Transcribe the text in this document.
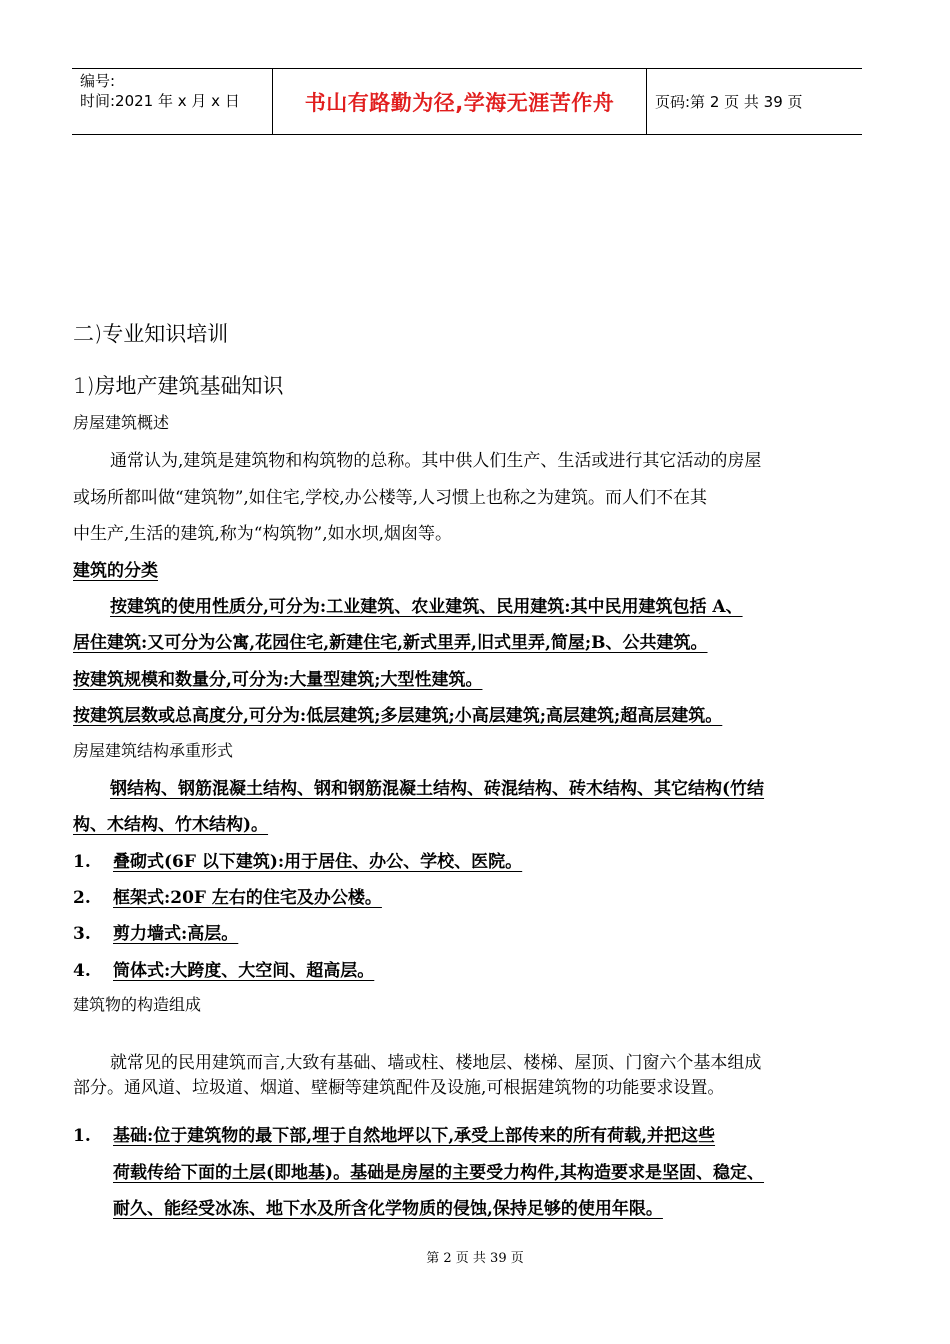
编号:
时间:2021 年 x 月 x 日	书山有路勤为径,学海无涯苦作舟	页码:第 2 页 共 39 页
二)专业知识培训
1)房地产建筑基础知识
房屋建筑概述
通常认为,建筑是建筑物和构筑物的总称。其中供人们生产、生活或进行其它活动的房屋
或场所都叫做“建筑物”,如住宅,学校,办公楼等,人习惯上也称之为建筑。而人们不在其
中生产,生活的建筑,称为“构筑物”,如水坝,烟囱等。
建筑的分类
按建筑的使用性质分,可分为:工业建筑、农业建筑、民用建筑:其中民用建筑包括 A、
居住建筑:又可分为公寓,花园住宅,新建住宅,新式里弄,旧式里弄,简屋;B、公共建筑。
按建筑规模和数量分,可分为:大量型建筑;大型性建筑。
按建筑层数或总高度分,可分为:低层建筑;多层建筑;小高层建筑;高层建筑;超高层建筑。
房屋建筑结构承重形式
钢结构、钢筋混凝土结构、钢和钢筋混凝土结构、砖混结构、砖木结构、其它结构(竹结
构、木结构、竹木结构)。
1. 叠砌式(6F 以下建筑):用于居住、办公、学校、医院。
2. 框架式:20F 左右的住宅及办公楼。
3. 剪力墙式:高层。
4. 筒体式:大跨度、大空间、超高层。
建筑物的构造组成
就常见的民用建筑而言,大致有基础、墙或柱、楼地层、楼梯、屋顶、门窗六个基本组成
部分。通风道、垃圾道、烟道、壁橱等建筑配件及设施,可根据建筑物的功能要求设置。
1. 基础:位于建筑物的最下部,埋于自然地坪以下,承受上部传来的所有荷载,并把这些
荷载传给下面的土层(即地基)。基础是房屋的主要受力构件,其构造要求是坚固、稳定、
耐久、能经受冰冻、地下水及所含化学物质的侵蚀,保持足够的使用年限。
第 2 页 共 39 页
